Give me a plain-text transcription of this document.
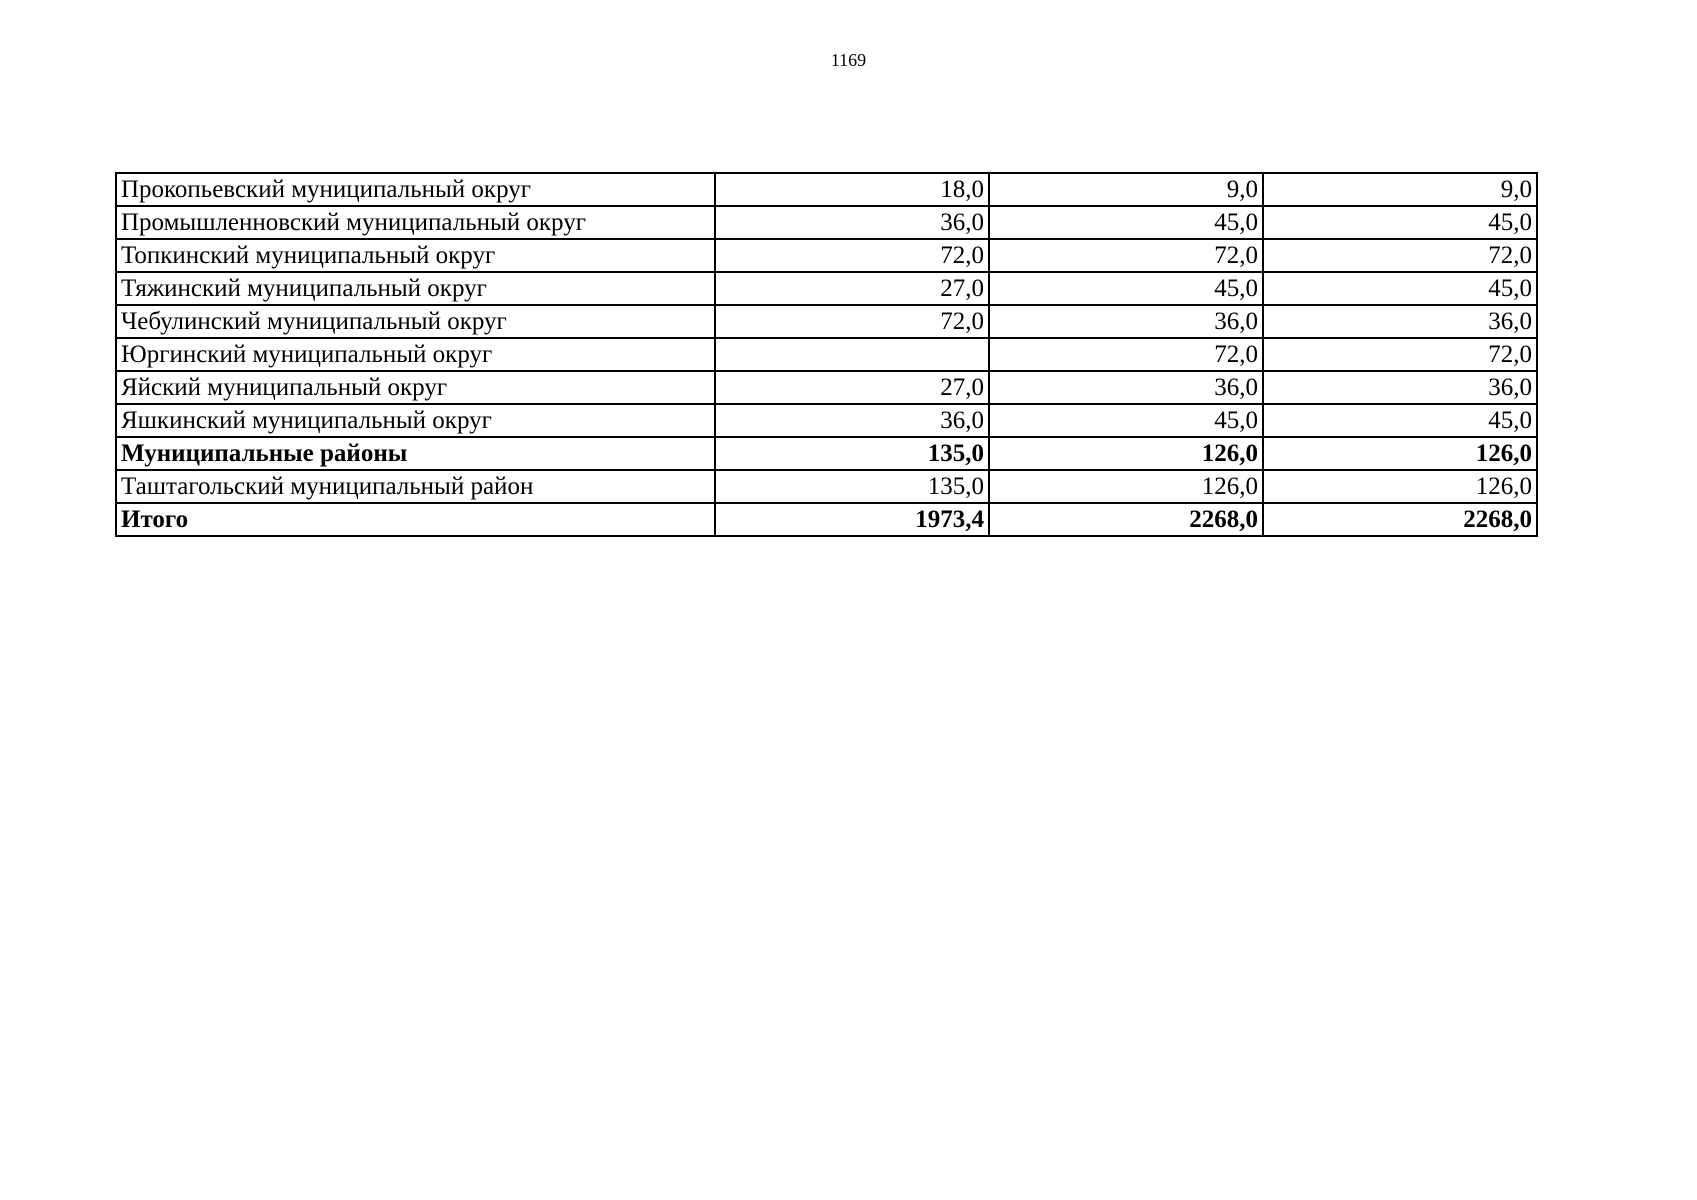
1169
Прокопьевский муниципальный округ	18,0	9,0	9,0
Промышленновский муниципальный округ	36,0	45,0	45,0
Топкинский муниципальный округ	72,0	72,0	72,0
Тяжинский муниципальный округ	27,0	45,0	45,0
Чебулинский муниципальный округ	72,0	36,0	36,0
Юргинский муниципальный округ		72,0	72,0
Яйский муниципальный округ	27,0	36,0	36,0
Яшкинский муниципальный округ	36,0	45,0	45,0
Муниципальные районы	135,0	126,0	126,0
Таштагольский муниципальный район	135,0	126,0	126,0
Итого	1973,4	2268,0	2268,0
